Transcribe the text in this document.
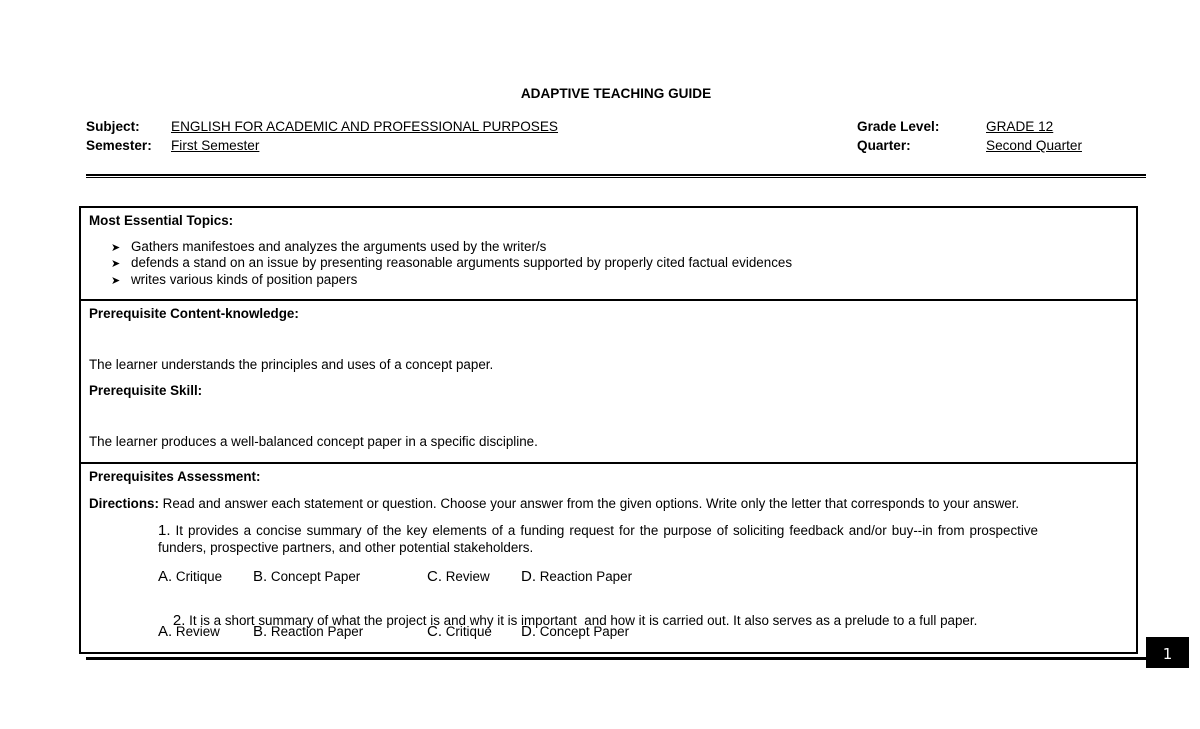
ADAPTIVE TEACHING GUIDE
Subject: ENGLISH FOR ACADEMIC AND PROFESSIONAL PURPOSES
Semester: First Semester
Grade Level:	GRADE 12
Quarter:	Second Quarter
Most Essential Topics:
➤ Gathers manifestoes and analyzes the arguments used by the writer/s
➤ defends a stand on an issue by presenting reasonable arguments supported by properly cited factual evidences
➤ writes various kinds of position papers
Prerequisite Content-knowledge:
The learner understands the principles and uses of a concept paper.
Prerequisite Skill:
The learner produces a well-balanced concept paper in a specific discipline.
Prerequisites Assessment:
Directions: Read and answer each statement or question. Choose your answer from the given options. Write only the letter that corresponds to your answer.
1. It provides a concise summary of the key elements of a funding request for the purpose of soliciting feedback and/or buy--in from prospective funders, prospective partners, and other potential stakeholders.
A. Critique B. Concept Paper	C. Review D. Reaction Paper

2. It is a short summary of what the project is and why it is important  and how it is carried out. It also serves as a prelude to a full paper.

A. Review B. Reaction Paper	C. Critique D. Concept Paper
1
